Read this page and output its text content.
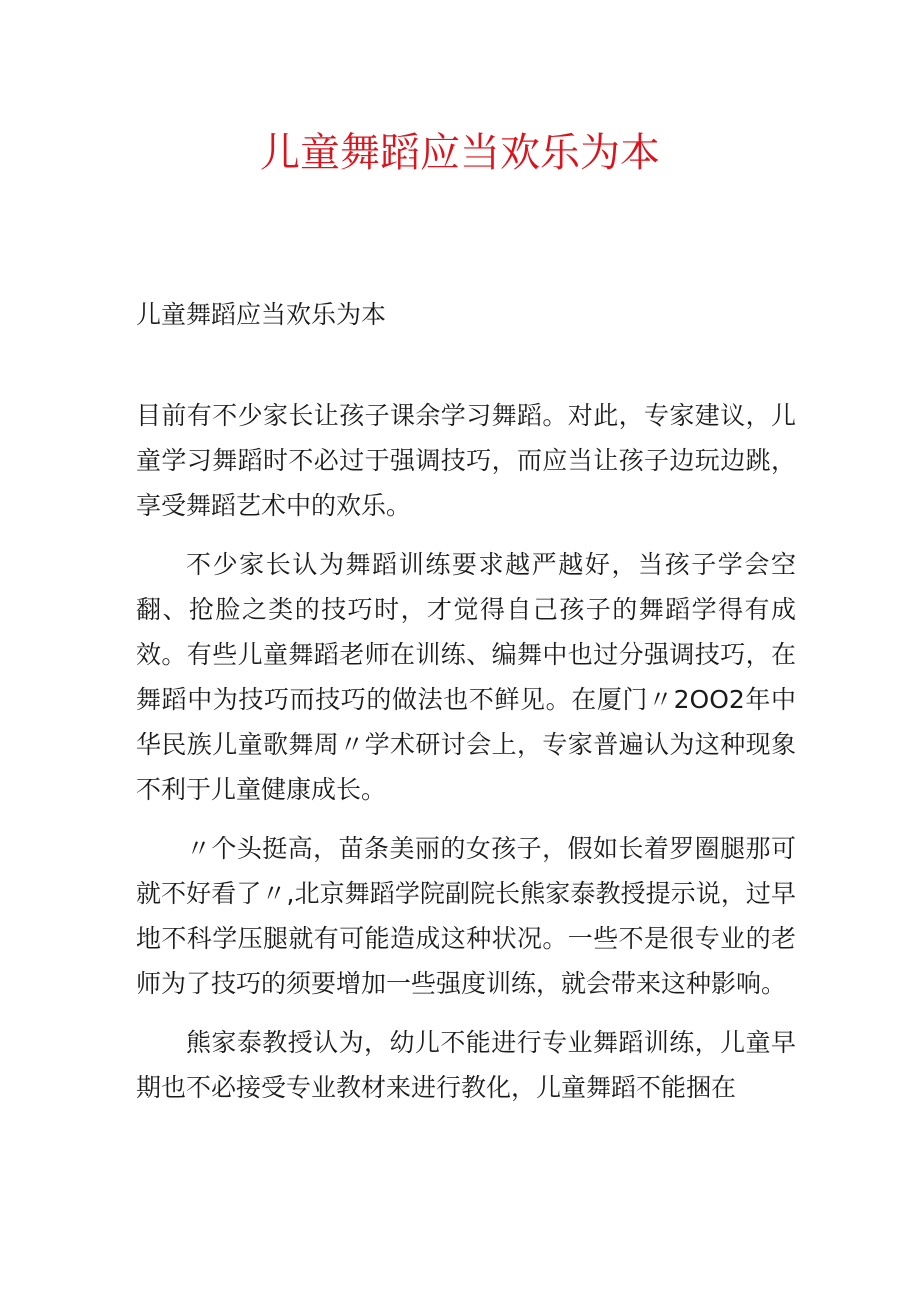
儿童舞蹈应当欢乐为本
儿童舞蹈应当欢乐为本

目前有不少家长让孩子课余学习舞蹈。对此，专家建议，儿童学习舞蹈时不必过于强调技巧，而应当让孩子边玩边跳，享受舞蹈艺术中的欢乐。

不少家长认为舞蹈训练要求越严越好，当孩子学会空翻、抢脸之类的技巧时，才觉得自己孩子的舞蹈学得有成效。有些儿童舞蹈老师在训练、编舞中也过分强调技巧，在舞蹈中为技巧而技巧的做法也不鲜见。在厦门〃2OO2年中华民族儿童歌舞周〃学术研讨会上，专家普遍认为这种现象不利于儿童健康成长。

〃个头挺高，苗条美丽的女孩子，假如长着罗圈腿那可就不好看了〃,北京舞蹈学院副院长熊家泰教授提示说，过早地不科学压腿就有可能造成这种状况。一些不是很专业的老师为了技巧的须要增加一些强度训练，就会带来这种影响。

熊家泰教授认为，幼儿不能进行专业舞蹈训练，儿童早期也不必接受专业教材来进行教化，儿童舞蹈不能捆在
